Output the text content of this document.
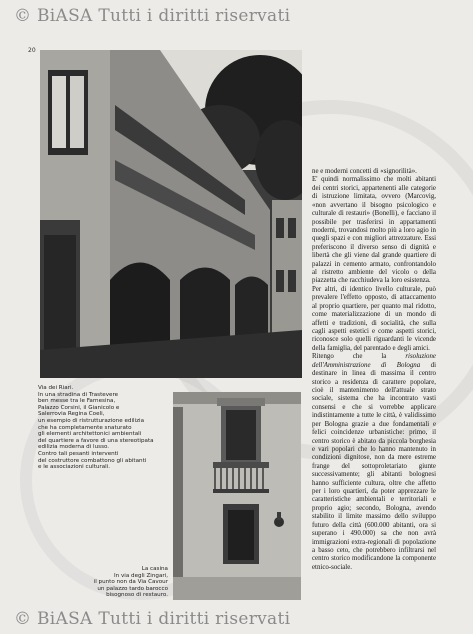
© BiASA Tutti i diritti riservati
20
Via dei Riari.
In una stradina di Trastevere
ben messe tra le Farnesina,
Palazzo Corsini, il Gianicolo e
Salerrovia Regina Coeli,
un esempio di ristrutturazione edilizia
che ha completamente snaturato
gli elementi architettonici ambientali
del quartiere a favore di una stereotipata
edilizia moderna di lusso.
Contro tali pesanti interventi
del costruttore combattono gli abitanti
e le associazioni culturali.
La casina
In via degli Zingari,
il punto non da Via Cavour
un palazzo tardo barocco
bisognoso di restauro.

ne e moderni concetti di «signorilità».

E' quindi normalissimo che molti abitanti dei centri storici, appartenenti alle categorie di istruzione limitata, ovvero (Marcovig, «non avvertano il bisogno psicologico e culturale di restauri» (Bonelli), e facciano il possibile per trasferirsi in appartamenti moderni, trovandosi molto più a loro agio in quegli spazi e con migliori attrezzature. Essi preferiscono il diverso senso di dignità e libertà che gli viene dal grande quartiere di palazzi in cemento armato, confrontandolo al ristretto ambiente del vicolo o della piazzetta che racchiudeva la loro esistenza.

Per altri, di identico livello culturale, può prevalere l'effetto opposto, di attaccamento al proprio quartiere, per quanto mal ridotto, come materializzazione di un mondo di affetti e tradizioni, di socialità, che sulla cagli aspetti estetici e come aspetti storici, riconosce solo quelli riguardanti le vicende della famiglia, del parentado e degli amici.

Ritengo che la risoluzione dell'Amministrazione di Bologna di destinare in linea di massima il centro storico a residenza di carattere popolare, cioè il mantenimento dell'attuale strato sociale, sistema che ha incontrato vasti consensi e che si vorrebbe applicare indistintamente a tutte le città, è validissimo per Bologna grazie a due fondamentali e felici coincidenze urbanistiche: primo, il centro storico è abitato da piccola borghesia e vari popolari che lo hanno mantenuto in condizioni dignitose, non da mere estreme frange del sottoproletariato giunte successivamente; gli abitanti bolognesi hanno sufficiente cultura, oltre che affetto per i loro quartieri, da poter apprezzare le caratteristiche ambientali e territoriali e proprio agio; secondo, Bologna, avendo stabilito il limite massimo dello sviluppo futuro della città (600.000 abitanti, ora si superano i 490.000) sa che non avrà immigrazioni extra-regionali di popolazione a basso ceto, che potrebbero infiltrarsi nel centro storico modificandone la componente etnico-sociale.

© BiASA Tutti i diritti riservati
